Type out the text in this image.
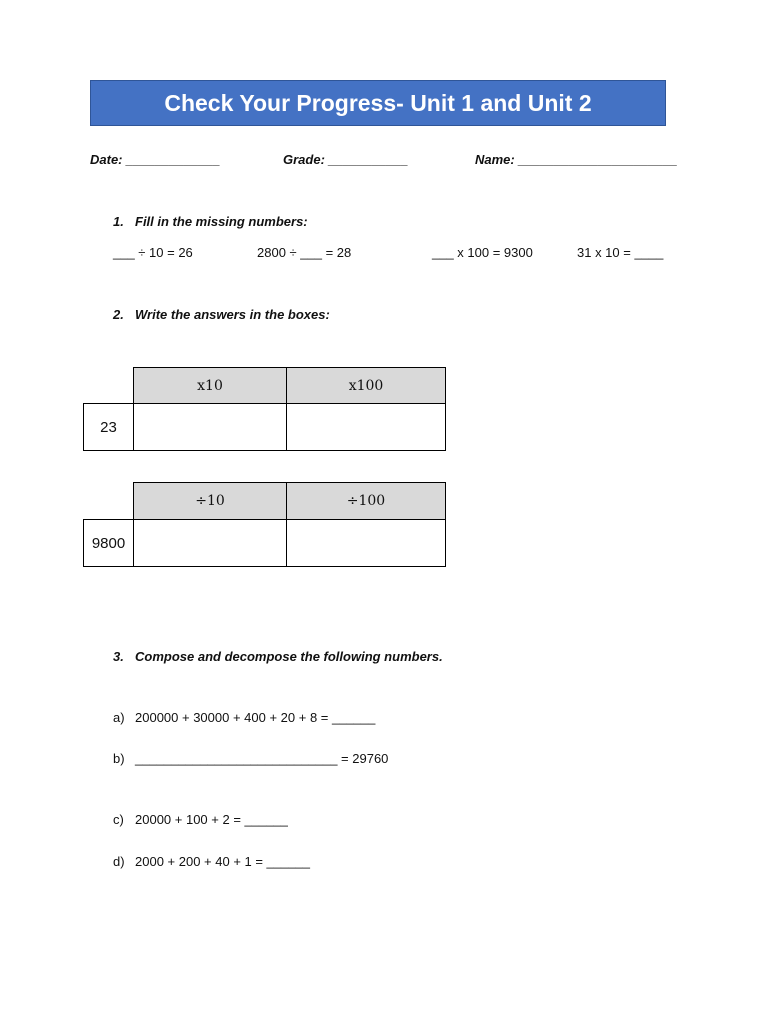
Check Your Progress- Unit 1 and Unit 2
Date: _____________	Grade: ___________	Name: ______________________
1. Fill in the missing numbers:
___ ÷ 10 = 26	2800 ÷ ___ = 28	___ x 100 = 9300	31 x 10 = ____
2. Write the answers in the boxes:
	x10	x100
23		
	÷10	÷100
9800		
3. Compose and decompose the following numbers.
a) 200000 + 30000 + 400 + 20 + 8 = ______
b) ____________________________ = 29760
c) 20000 + 100 + 2 = ______
d) 2000 + 200 + 40 + 1 = ______
